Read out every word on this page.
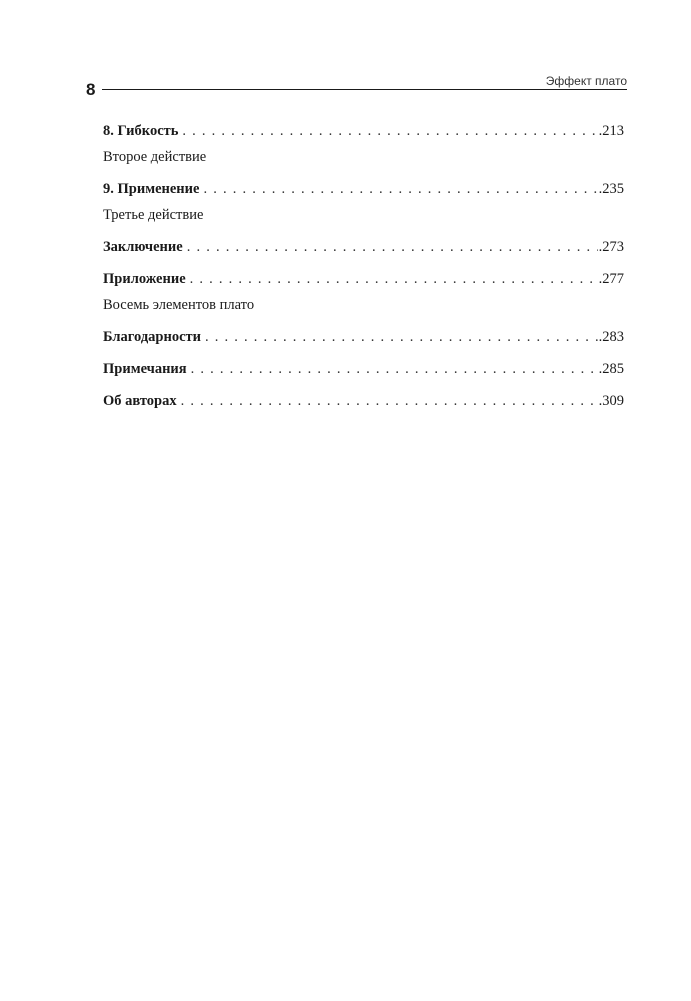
8	Эффект плато
8. Гибкость . . .	.213
Второе действие
9. Применение . . .	.235
Третье действие
Заключение . . .	.273
Приложение . . .	.277
Восемь элементов плато
Благодарности . . .	.283
Примечания . . .	.285
Об авторах . . .	.309
